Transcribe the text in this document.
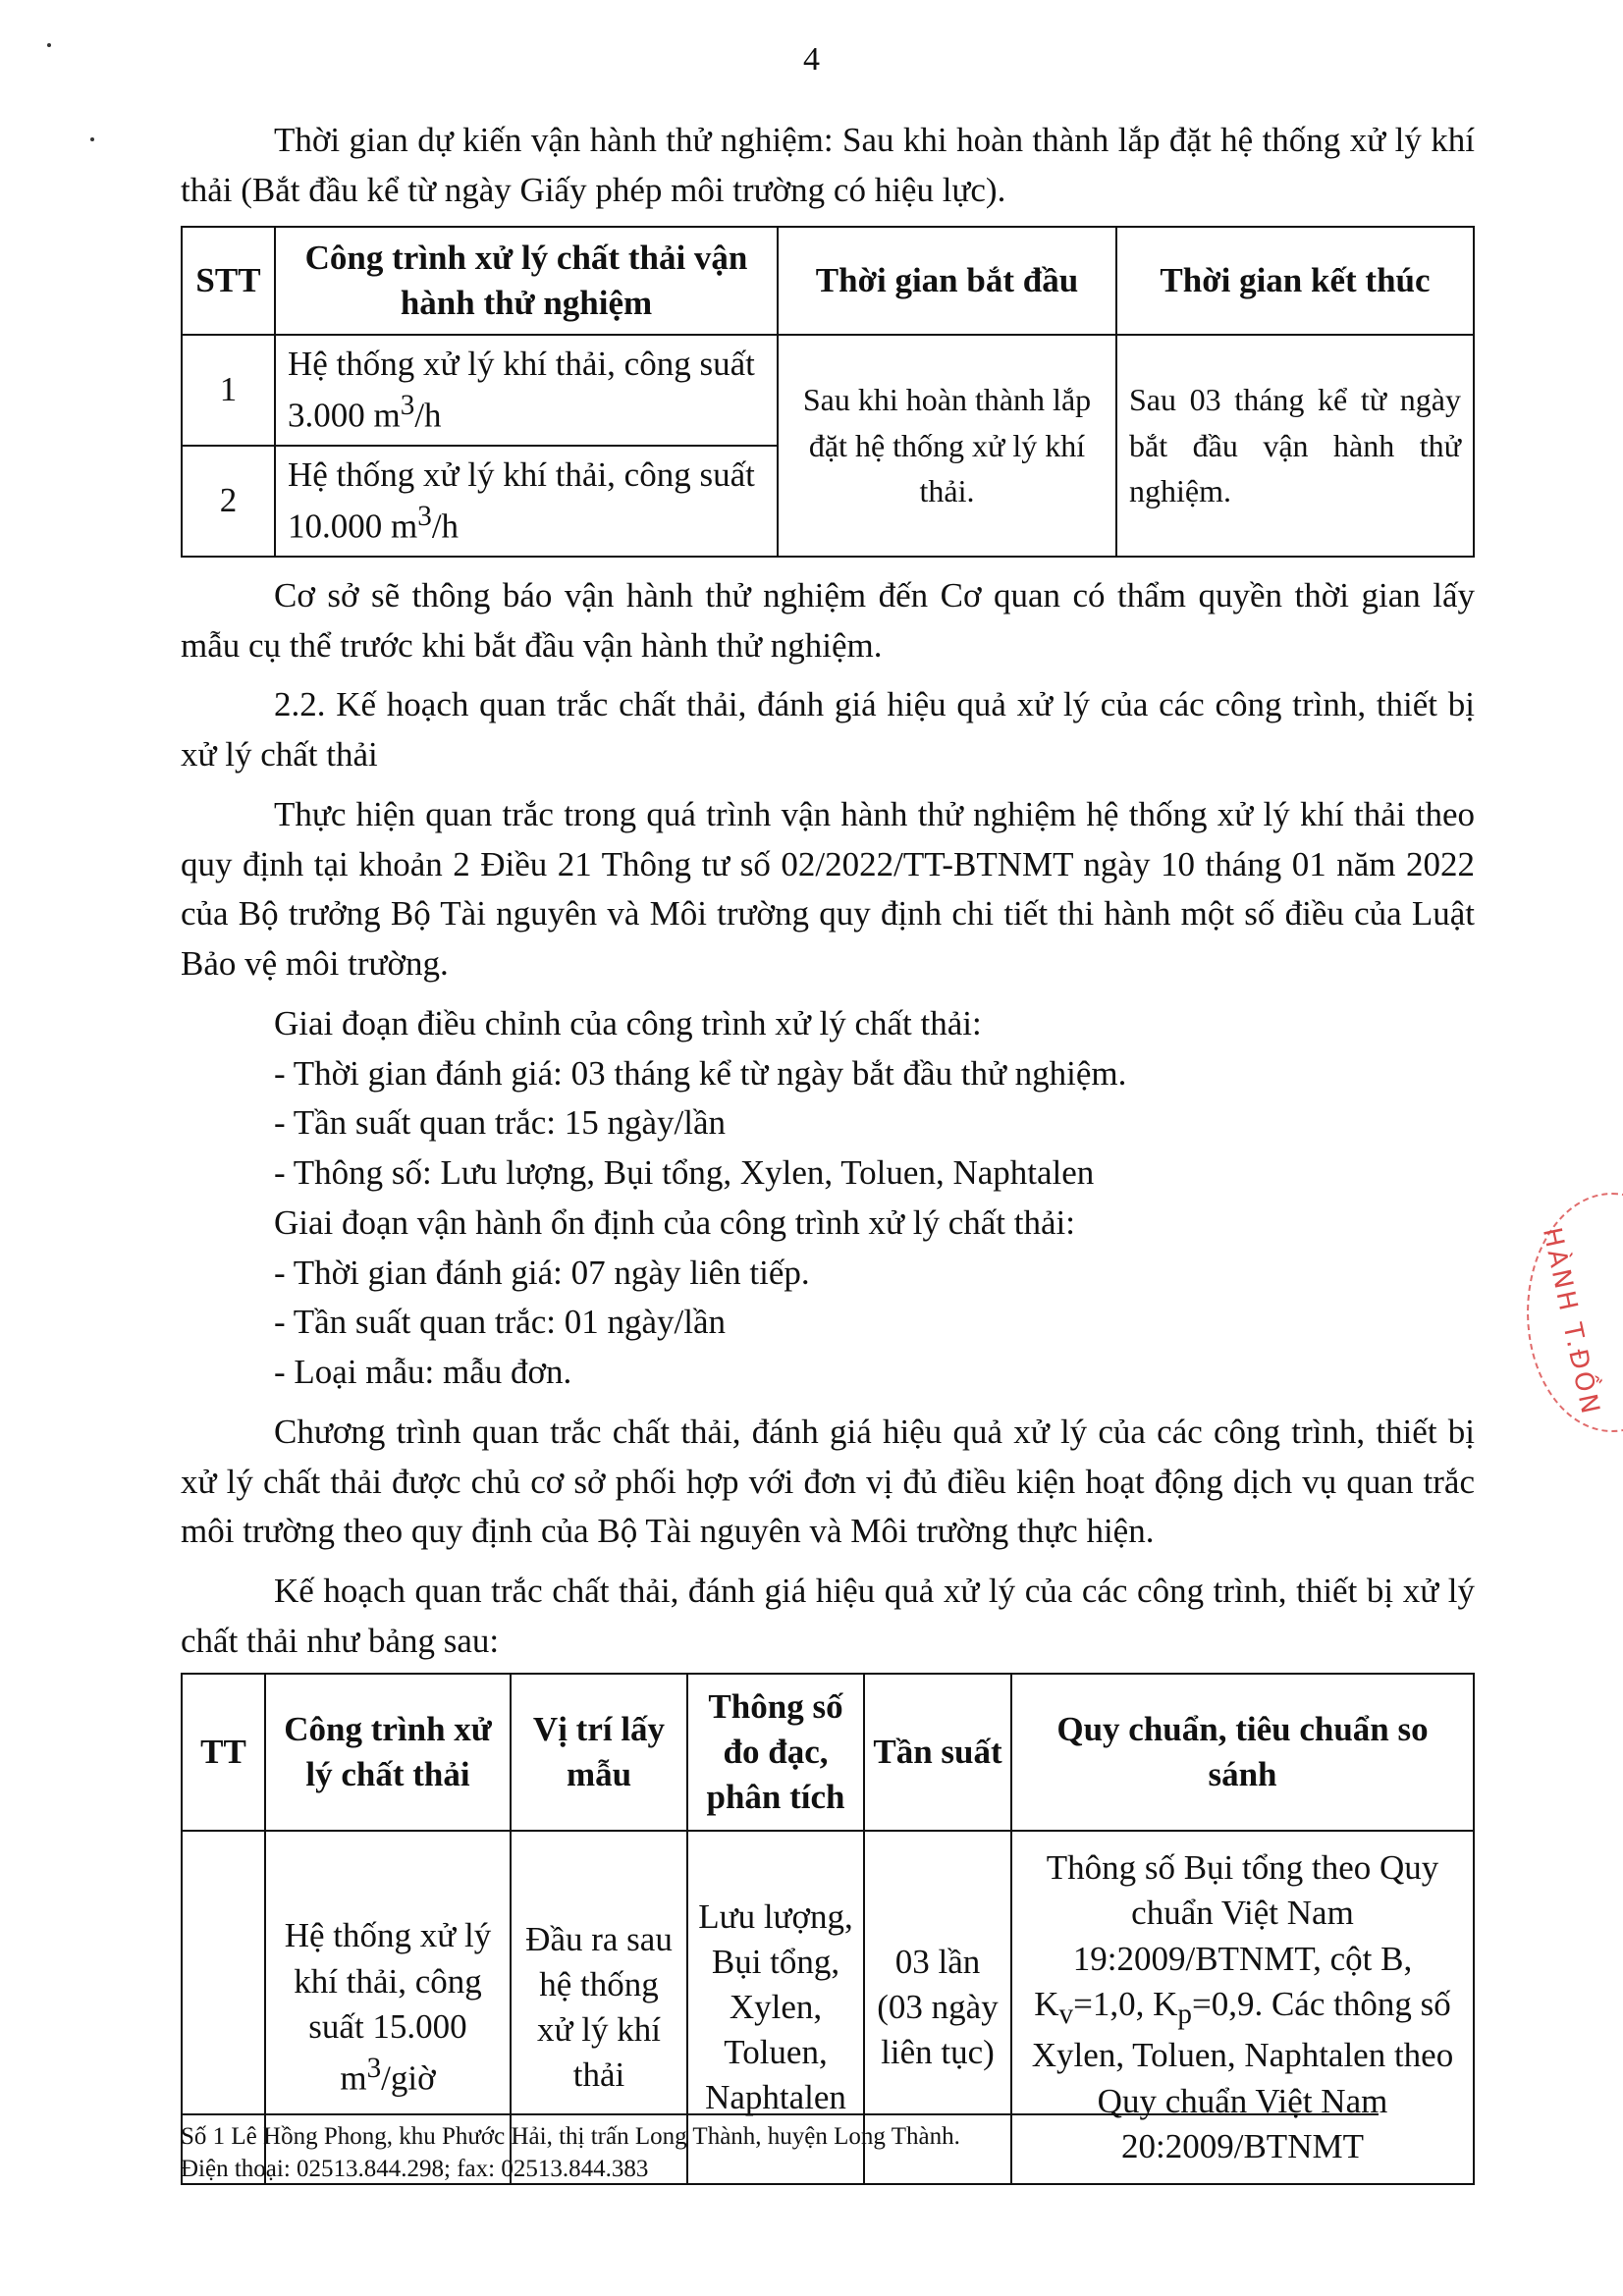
4

Thời gian dự kiến vận hành thử nghiệm: Sau khi hoàn thành lắp đặt hệ thống xử lý khí thải (Bắt đầu kể từ ngày Giấy phép môi trường có hiệu lực).

STT	Công trình xử lý chất thải vận hành thử nghiệm	Thời gian bắt đầu	Thời gian kết thúc
1	Hệ thống xử lý khí thải, công suất 3.000 $m^3/h$	Sau khi hoàn thành lắp đặt hệ thống xử lý khí thải.	Sau 03 tháng kể từ ngày bắt đầu vận hành thử nghiệm.
2	Hệ thống xử lý khí thải, công suất 10.000 $m^3/h$		

Cơ sở sẽ thông báo vận hành thử nghiệm đến Cơ quan có thẩm quyền thời gian lấy mẫu cụ thể trước khi bắt đầu vận hành thử nghiệm.

2.2. Kế hoạch quan trắc chất thải, đánh giá hiệu quả xử lý của các công trình, thiết bị xử lý chất thải

Thực hiện quan trắc trong quá trình vận hành thử nghiệm hệ thống xử lý khí thải theo quy định tại khoản 2 Điều 21 Thông tư số 02/2022/TT-BTNMT ngày 10 tháng 01 năm 2022 của Bộ trưởng Bộ Tài nguyên và Môi trường quy định chi tiết thi hành một số điều của Luật Bảo vệ môi trường.

Giai đoạn điều chỉnh của công trình xử lý chất thải:

- Thời gian đánh giá: 03 tháng kể từ ngày bắt đầu thử nghiệm.

- Tần suất quan trắc: 15 ngày/lần

- Thông số: Lưu lượng, Bụi tổng, Xylen, Toluen, Naphtalen

Giai đoạn vận hành ổn định của công trình xử lý chất thải:

- Thời gian đánh giá: 07 ngày liên tiếp.

- Tần suất quan trắc: 01 ngày/lần

- Loại mẫu: mẫu đơn.

Chương trình quan trắc chất thải, đánh giá hiệu quả xử lý của các công trình, thiết bị xử lý chất thải được chủ cơ sở phối hợp với đơn vị đủ điều kiện hoạt động dịch vụ quan trắc môi trường theo quy định của Bộ Tài nguyên và Môi trường thực hiện.

Kế hoạch quan trắc chất thải, đánh giá hiệu quả xử lý của các công trình, thiết bị xử lý chất thải như bảng sau:

TT	Công trình xử lý chất thải	Vị trí lấy mẫu	Thông số đo đạc, phân tích	Tần suất	Quy chuẩn, tiêu chuẩn so sánh
	Hệ thống xử lý khí thải, công suất 15.000 $m^3$/giờ	Đầu ra sau hệ thống xử lý khí thải	Lưu lượng, Bụi tổng, Xylen, Toluen, Naphtalen	03 lần (03 ngày liên tục)	Thông số Bụi tổng theo Quy chuẩn Việt Nam 19:2009/BTNMT, cột B, $K_v=1,0$, $K_p=0,9$. Các thông số Xylen, Toluen, Naphtalen theo Quy chuẩn Việt Nam 20:2009/BTNMT
Số 1 Lê Hồng Phong, khu Phước Hải, thị trấn Long Thành, huyện Long Thành.
Điện thoại: 02513.844.298; fax: 02513.844.383
HÀNH T.ĐỒN
